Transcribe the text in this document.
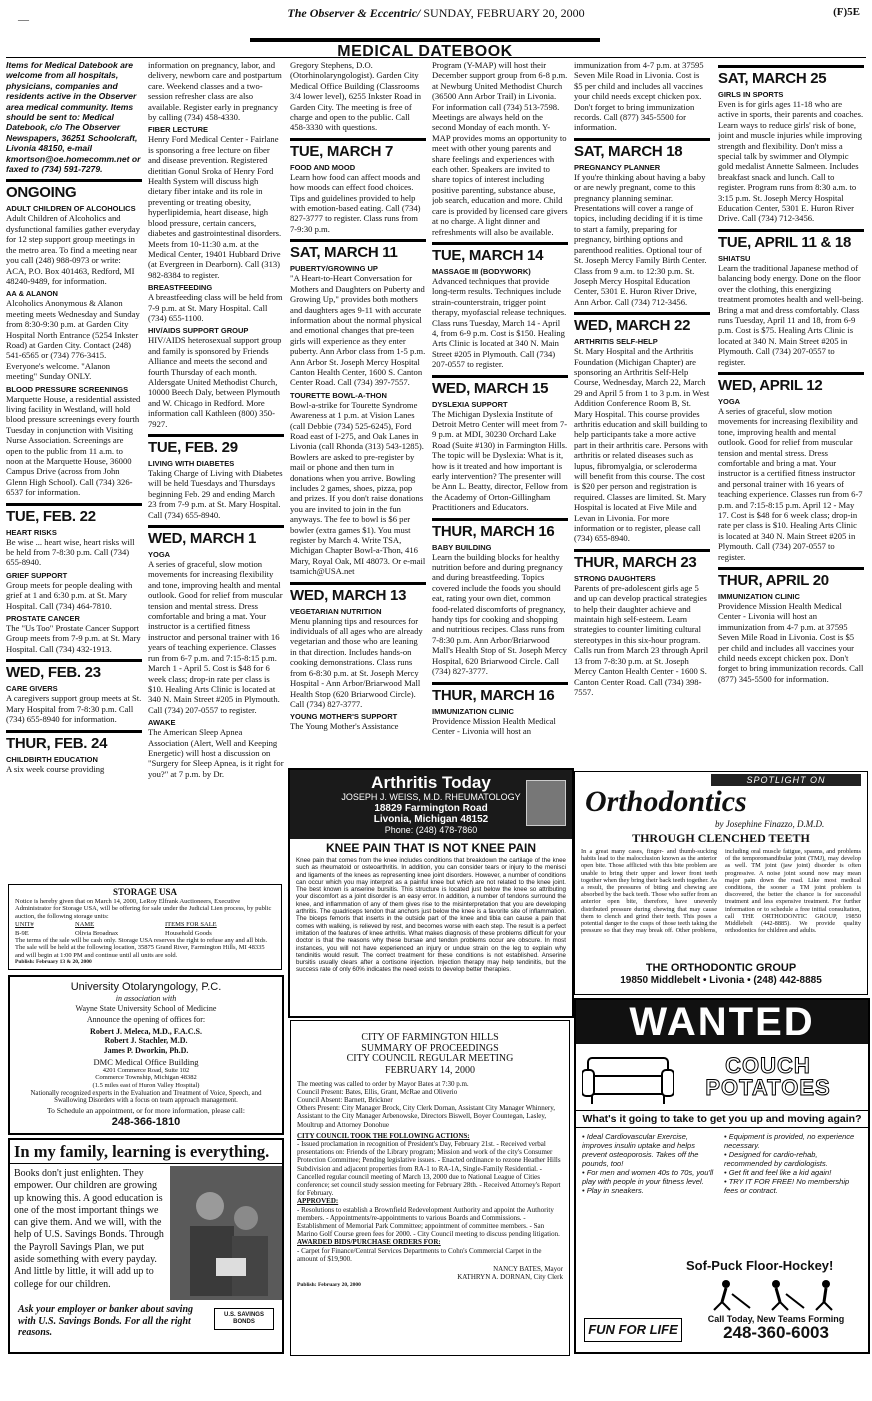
—	The Observer & Eccentric/ SUNDAY, FEBRUARY 20, 2000	(F)5E
MEDICAL DATEBOOK

Items for Medical Datebook are welcome from all hospitals, physicians, companies and residents active in the Observer area medical community. Items should be sent to: Medical Datebook, c/o The Observer Newspapers, 36251 Schoolcraft, Livonia 48150, e-mail kmortson@oe.homecomm.net or faxed to (734) 591-7279.

ONGOING
ADULT CHILDREN OF ALCOHOLICS

Adult Children of Alcoholics and dysfunctional families gather everyday for 12 step support group meetings in the metro area. To find a meeting near you call (248) 988-0973 or write: ACA, P.O. Box 401463, Redford, MI 48240-9489, for information.

AA & ALANON

Alcoholics Anonymous & Alanon meeting meets Wednesday and Sunday from 8:30-9:30 p.m. at Garden City Hospital North Entrance (5254 Inkster Road) at Garden City. Contact (248) 541-6565 or (734) 776-3415. Everyone's welcome. "Alanon meeting" Sunday ONLY.

BLOOD PRESSURE SCREENINGS

Marquette House, a residential assisted living facility in Westland, will hold blood pressure screenings every fourth Tuesday in conjunction with Visiting Nurse Association. Screenings are open to the public from 11 a.m. to noon at the Marquette House, 36000 Campus Drive (across from John Glenn High School). Call (734) 326-6537 for information.

TUE, FEB. 22
HEART RISKS

Be wise ... heart wise, heart risks will be held from 7-8:30 p.m. Call (734) 655-8940.

GRIEF SUPPORT

Group meets for people dealing with grief at 1 and 6:30 p.m. at St. Mary Hospital. Call (734) 464-7810.

PROSTATE CANCER

The "Us Too" Prostate Cancer Support Group meets from 7-9 p.m. at St. Mary Hospital. Call (734) 432-1913.

WED, FEB. 23
CARE GIVERS

A caregivers support group meets at St. Mary Hospital from 7-8:30 p.m. Call (734) 655-8940 for information.

THUR, FEB. 24
CHILDBIRTH EDUCATION

A six week course providing

information on pregnancy, labor, and delivery, newborn care and postpartum care. Weekend classes and a two-session refresher class are also available. Register early in pregnancy by calling (734) 458-4330.

FIBER LECTURE

Henry Ford Medical Center - Fairlane is sponsoring a free lecture on fiber and disease prevention. Registered dietitian Gonul Sroka of Henry Ford Health System will discuss high dietary fiber intake and its role in preventing or treating obesity, hyperlipidemia, heart disease, high blood pressure, certain cancers, diabetes and gastrointestinal disorders. Meets from 10-11:30 a.m. at the Medical Center, 19401 Hubbard Drive (at Evergreen in Dearborn). Call (313) 982-8384 to register.

BREASTFEEDING

A breastfeeding class will be held from 7-9 p.m. at St. Mary Hospital. Call (734) 655-1100.

HIV/AIDS SUPPORT GROUP

HIV/AIDS heterosexual support group and family is sponsored by Friends Alliance and meets the second and fourth Thursday of each month. Aldersgate United Methodist Church, 10000 Beech Daly, between Plymouth and W. Chicago in Redford. More information call Kathleen (800) 350-7927.

TUE, FEB. 29
LIVING WITH DIABETES

Taking Charge of Living with Diabetes will be held Tuesdays and Thursdays beginning Feb. 29 and ending March 23 from 7-9 p.m. at St. Mary Hospital. Call (734) 655-8940.

WED, MARCH 1
YOGA

A series of graceful, slow motion movements for increasing flexibility and tone, improving health and mental outlook. Good for relief from muscular tension and mental stress. Dress comfortable and bring a mat. Your instructor is a certified fitness instructor and personal trainer with 16 years of teaching experience. Classes run from 6-7 p.m. and 7:15-8:15 p.m. March 1 - April 5. Cost is $48 for 6 week class; drop-in rate per class is $10. Healing Arts Clinic is located at 340 N. Main Street #205 in Plymouth. Call (734) 207-0557 to register.

AWAKE

The American Sleep Apnea Association (Alert, Well and Keeping Energetic) will host a discussion on "Surgery for Sleep Apnea, is it right for you?" at 7 p.m. by Dr.

Gregory Stephens, D.O. (Otorhinolaryngologist). Garden City Medical Office Building (Classrooms 3/4 lower level), 6255 Inkster Road in Garden City. The meeting is free of charge and open to the public. Call 458-3330 with questions.

TUE, MARCH 7
FOOD AND MOOD

Learn how food can affect moods and how moods can effect food choices. Tips and guidelines provided to help with emotion-based eating. Call (734) 827-3777 to register. Class runs from 7-9:30 p.m.

SAT, MARCH 11
PUBERTY/GROWING UP

"A Heart-to-Heart Conversation for Mothers and Daughters on Puberty and Growing Up," provides both mothers and daughters ages 9-11 with accurate information about the normal physical and emotional changes that pre-teen girls will experience as they enter puberty. Ann Arbor class from 1-5 p.m. Ann Arbor St. Joseph Mercy Hospital Canton Health Center, 1600 S. Canton Center Road. Call (734) 397-7557.

TOURETTE BOWL-A-THON

Bowl-a-strike for Tourette Syndrome Awareness at 1 p.m. at Vision Lanes (call Debbie (734) 525-6245), Ford Road east of I-275, and Oak Lanes in Livonia (call Rhonda (313) 543-1285). Bowlers are asked to pre-register by mail or phone and then turn in donations when you arrive. Bowling includes 2 games, shoes, pizza, pop and prizes. If you don't raise donations you are invited to join in the fun anyways. The fee to bowl is $6 per bowler (extra games $1). You must register by March 4. Write TSA, Michigan Chapter Bowl-a-Thon, 416 Mary, Royal Oak, MI 48073. Or e-mail tsamich@USA.net

WED, MARCH 13
VEGETARIAN NUTRITION

Menu planning tips and resources for individuals of all ages who are already vegetarian and those who are leaning in that direction. Includes hands-on cooking demonstrations. Class runs from 6-8:30 p.m. at St. Joseph Mercy Hospital - Ann Arbor/Briarwood Mall Health Stop (620 Briarwood Circle). Call (734) 827-3777.

YOUNG MOTHER'S SUPPORT

The Young Mother's Assistance

Program (Y-MAP) will host their December support group from 6-8 p.m. at Newburg United Methodist Church (36500 Ann Arbor Trail) in Livonia. For information call (734) 513-7598. Meetings are always held on the second Monday of each month. Y-MAP provides moms an opportunity to meet with other young parents and share feelings and experiences with each other. Speakers are invited to share topics of interest including positive parenting, substance abuse, job search, education and more. Child care is provided by licensed care givers at no charge. A light dinner and refreshments will also be available.

TUE, MARCH 14
MASSAGE III (BODYWORK)

Advanced techniques that provide long-term results. Techniques include strain-counterstrain, trigger point therapy, myofascial release techniques. Class runs Tuesday, March 14 - April 4, from 6-9 p.m. Cost is $150. Healing Arts Clinic is located at 340 N. Main Street #205 in Plymouth. Call (734) 207-0557 to register.

WED, MARCH 15
DYSLEXIA SUPPORT

The Michigan Dyslexia Institute of Detroit Metro Center will meet from 7-9 p.m. at MDI, 30230 Orchard Lake Road (Suite #130) in Farmington Hills. The topic will be Dyslexia: What is it, how is it treated and how important is early intervention? The presenter will be Ann L. Beatty, director, Fellow from the Academy of Orton-Gillingham Practitioners and Educators.

THUR, MARCH 16
BABY BUILDING

Learn the building blocks for healthy nutrition before and during pregnancy and during breastfeeding. Topics covered include the foods you should eat, rating your own diet, common food-related discomforts of pregnancy, handy tips for cooking and shopping and nutritious recipes. Class runs from 7-8:30 p.m. Ann Arbor/Briarwood Mall's Health Stop of St. Joseph Mercy Hospital, 620 Briarwood Circle. Call (734) 827-3777.

THUR, MARCH 16
IMMUNIZATION CLINIC

Providence Mission Health Medical Center - Livonia will host an

immunization from 4-7 p.m. at 37595 Seven Mile Road in Livonia. Cost is $5 per child and includes all vaccines your child needs except chicken pox. Don't forget to bring immunization records. Call (877) 345-5500 for information.

SAT, MARCH 18
PREGNANCY PLANNER

If you're thinking about having a baby or are newly pregnant, come to this pregnancy planning seminar. Presentations will cover a range of topics, including deciding if it is time to start a family, preparing for pregnancy, birthing options and parenthood realities. Optional tour of St. Joseph Mercy Family Birth Center. Class from 9 a.m. to 12:30 p.m. St. Joseph Mercy Hospital Education Center, 5301 E. Huron River Drive, Ann Arbor. Call (734) 712-3456.

WED, MARCH 22
ARTHRITIS SELF-HELP

St. Mary Hospital and the Arthritis Foundation (Michigan Chapter) are sponsoring an Arthritis Self-Help Course, Wednesday, March 22, March 29 and April 5 from 1 to 3 p.m. in West Addition Conference Room B, St. Mary Hospital. This course provides arthritis education and skill building to help participants take a more active part in their arthritis care. Persons with arthritis or related diseases such as lupus, fibromyalgia, or scleroderma will benefit from this course. The cost is $20 per person and registration is required. Classes are limited. St. Mary Hospital is located at Five Mile and Levan in Livonia. For more information or to register, please call (734) 655-8940.

THUR, MARCH 23
STRONG DAUGHTERS

Parents of pre-adolescent girls age 5 and up can develop practical strategies to help their daughter achieve and maintain high self-esteem. Learn strategies to counter limiting cultural stereotypes in this six-hour program. Calls run from March 23 through April 13 from 7-8:30 p.m. at St. Joseph Mercy Canton Health Center - 1600 S. Canton Center Road. Call (734) 398-7557.

SAT, MARCH 25
GIRLS IN SPORTS

Even is for girls ages 11-18 who are active in sports, their parents and coaches. Learn ways to reduce girls' risk of bone, joint and muscle injuries while improving strength and flexibility. Don't miss a special talk by swimmer and Olympic gold medalist Annette Salmeen. Includes breakfast snack and lunch. Call to register. Program runs from 8:30 a.m. to 3:15 p.m. St. Joseph Mercy Hospital Education Center, 5301 E. Huron River Drive. Call (734) 712-3456.

TUE, APRIL 11 & 18
SHIATSU

Learn the traditional Japanese method of balancing body energy. Done on the floor over the clothing, this energizing treatment promotes health and well-being. Bring a mat and dress comfortably. Class runs Tuesday, April 11 and 18, from 6-9 p.m. Cost is $75. Healing Arts Clinic is located at 340 N. Main Street #205 in Plymouth. Call (734) 207-0557 to register.

WED, APRIL 12
YOGA

A series of graceful, slow motion movements for increasing flexibility and tone, improving health and mental outlook. Good for relief from muscular tension and mental stress. Dress comfortable and bring a mat. Your instructor is a certified fitness instructor and personal trainer with 16 years of teaching experience. Classes run from 6-7 p.m. and 7:15-8:15 p.m. April 12 - May 17. Cost is $48 for 6 week class; drop-in rate per class is $10. Healing Arts Clinic is located at 340 N. Main Street #205 in Plymouth. Call (734) 207-0557 to register.

THUR, APRIL 20
IMMUNIZATION CLINIC

Providence Mission Health Medical Center - Livonia will host an immunization from 4-7 p.m. at 37595 Seven Mile Road in Livonia. Cost is $5 per child and includes all vaccines your child needs except chicken pox. Don't forget to bring immunization records. Call (877) 345-5500 for information.

Arthritis Today
JOSEPH J. WEISS, M.D. RHEUMATOLOGY
18829 Farmington Road
Livonia, Michigan 48152
Phone: (248) 478-7860
KNEE PAIN THAT IS NOT KNEE PAIN
Knee pain that comes from the knee includes conditions that breakdown the cartilage of the knee such as rheumatoid or osteoarthritis. In addition, you can consider tears or injury to the menisci and ligaments of the knees as representing knee joint disorders. However, a number of conditions can occur which you may interpret as a painful knee but which are not related to the knee joint. The best known is anserine bursitis. This structure is located just below the knee so attributing your discomfort as a joint disorder is an easy error. In addition, a number of tendons surround the knee, and inflammation of any of them gives rise to the misinterpretation that you are developing arthritis. The quadriceps tendon that anchors just below the knee is a favorite site of inflammation. The biceps femoris that inserts in the outside part of the knee and tibia can cause a pain that comes with walking, is relieved by rest, and becomes worse with each step. The result is a perfect imitation of the features of knee arthritis. What makes diagnosis of these problems difficult for your doctor is that the reasons why these bursae and tendon problems occur are obscure. In most instances, you will not have experienced an injury or undue strain on the leg to explain why tendinitis would result. The correct treatment for these conditions is not established. Anserine bursitis usually clears after a cortisone injection. Injection therapy may help tendinitis, but the success rate of only 60% indicates the need exists to develop better therapies.
SPOTLIGHT ON
Orthodontics
by Josephine Finazzo, D.M.D.
THROUGH CLENCHED TEETH
In a great many cases, finger- and thumb-sucking habits lead to the malocclusion known as the anterior open bite. Those afflicted with this bite problem are unable to bring their upper and lower front teeth together when they bring their back teeth together. As a result, the pressures of biting and chewing are absorbed by the back teeth. Those who suffer from an anterior open bite, therefore, have unevenly distributed pressure during chewing that may cause them to clench and grind their teeth. This poses a potential danger to the cusps of those teeth taking the pressure so that they may break off. Other problems, including oral muscle fatigue, spasms, and problems of the temporomandibular joint (TMJ), may develop as well. TM joint (jaw joint) disorder is often progressive. A noise joint sound now may mean major pain down the road. Like most medical conditions, the sooner a TM joint problem is discovered, the better the chance is for successful treatment and less expensive treatment. For further information or to schedule a free initial consultation, call THE ORTHODONTIC GROUP, 19850 Middlebelt (442-8885). We provide quality orthodontics for children and adults.
THE ORTHODONTIC GROUP
19850 Middlebelt • Livonia • (248) 442-8885
STORAGE USA
Notice is hereby given that on March 14, 2000, LeRoy Elfrank Auctioneers, Executive Administrator for Storage USA, will be offering for sale under the Judicial Lien process, by public auction, the following storage units:
UNIT#	NAME	ITEMS FOR SALE
B-9E	Olivia Broadnax	Household Goods
The terms of the sale will be cash only. Storage USA reserves the right to refuse any and all bids. The sale will be held at the following location, 35875 Grand River, Farmington Hills, MI 48335 and will begin at 1:00 PM and continue until all units are sold.
Publish: February 13 & 20, 2000
University Otolaryngology, P.C.
in association with
Wayne State University School of Medicine
Announce the opening of offices for:
Robert J. Meleca, M.D., F.A.C.S.
Robert J. Stachler, M.D.
James P. Dworkin, Ph.D.
DMC Medical Office Building
4201 Commerce Road, Suite 102
Commerce Township, Michigan 48382
(1.5 miles east of Huron Valley Hospital)
Nationally recognized experts in the Evaluation and Treatment of Voice, Speech, and Swallowing Disorders with a focus on team approach management.
To Schedule an appointment, or for more information, please call:
248-366-1810
In my family, learning is everything.
Books don't just enlighten. They empower. Our children are growing up knowing this. A good education is one of the most important things we can give them. And we will, with the help of U.S. Savings Bonds. Through the Payroll Savings Plan, we put aside something with every payday. And little by little, it will add up to college for our children.
Ask your employer or banker about saving with U.S. Savings Bonds. For all the right reasons.
U.S. SAVINGS BONDS
CITY OF FARMINGTON HILLS
SUMMARY OF PROCEEDINGS
CITY COUNCIL REGULAR MEETING
FEBRUARY 14, 2000
The meeting was called to order by Mayor Bates at 7:30 p.m.
Council Present: Bates, Ellis, Grant, McRae and Oliverio
Council Absent: Barnett, Brickner
Others Present: City Manager Brock, City Clerk Dornan, Assistant City Manager Whinnery, Assistant to the City Manager Arbenowske, Directors Biswell, Boyer Countegan, Lasley, Moultrup and Attorney Donohue
CITY COUNCIL TOOK THE FOLLOWING ACTIONS:
- Issued proclamation in recognition of President's Day, February 21st. - Received verbal presentations on: Friends of the Library program; Mission and work of the city's Consumer Protection Committee; Pending legislative issues. - Enacted ordinance to rezone Heather Hills Subdivision and adjacent properties from RA-1 to RA-1A, Single-Family Residential. - Cancelled regular council meeting of March 13, 2000 due to National League of Cities conference; set council study session meeting for February 28th. - Received Attorney's Report for February.
APPROVED:
- Resolutions to establish a Brownfield Redevelopment Authority and appoint the Authority members. - Appointments/re-appointments to various Boards and Commissions. - Establishment of Memorial Park Committee; appointment of committee members. - San Marino Golf Course green fees for 2000. - City Council meeting to discuss pending litigation.
AWARDED BIDS/PURCHASE ORDERS FOR:
- Carpet for Finance/Central Services Departments to Cohn's Commercial Carpet in the amount of $19,900.
NANCY BATES, Mayor
KATHRYN A. DORNAN, City Clerk
Publish: February 20, 2000
WANTED
COUCH POTATOES
What's it going to take to get you up and moving again?
• Ideal Cardiovascular Exercise, improves insulin uptake and helps prevent osteoporosis. Takes off the pounds, too!
• For men and women 40s to 70s, you'll play with people in your fitness level.
• Play in sneakers.
• Equipment is provided, no experience necessary.
• Designed for cardio-rehab, recommended by cardiologists.
• Get fit and feel like a kid again!
• TRY IT FOR FREE! No membership fees or contract.
Sof-Puck Floor-Hockey!
FUN FOR LIFE
Call Today, New Teams Forming
248-360-6003
